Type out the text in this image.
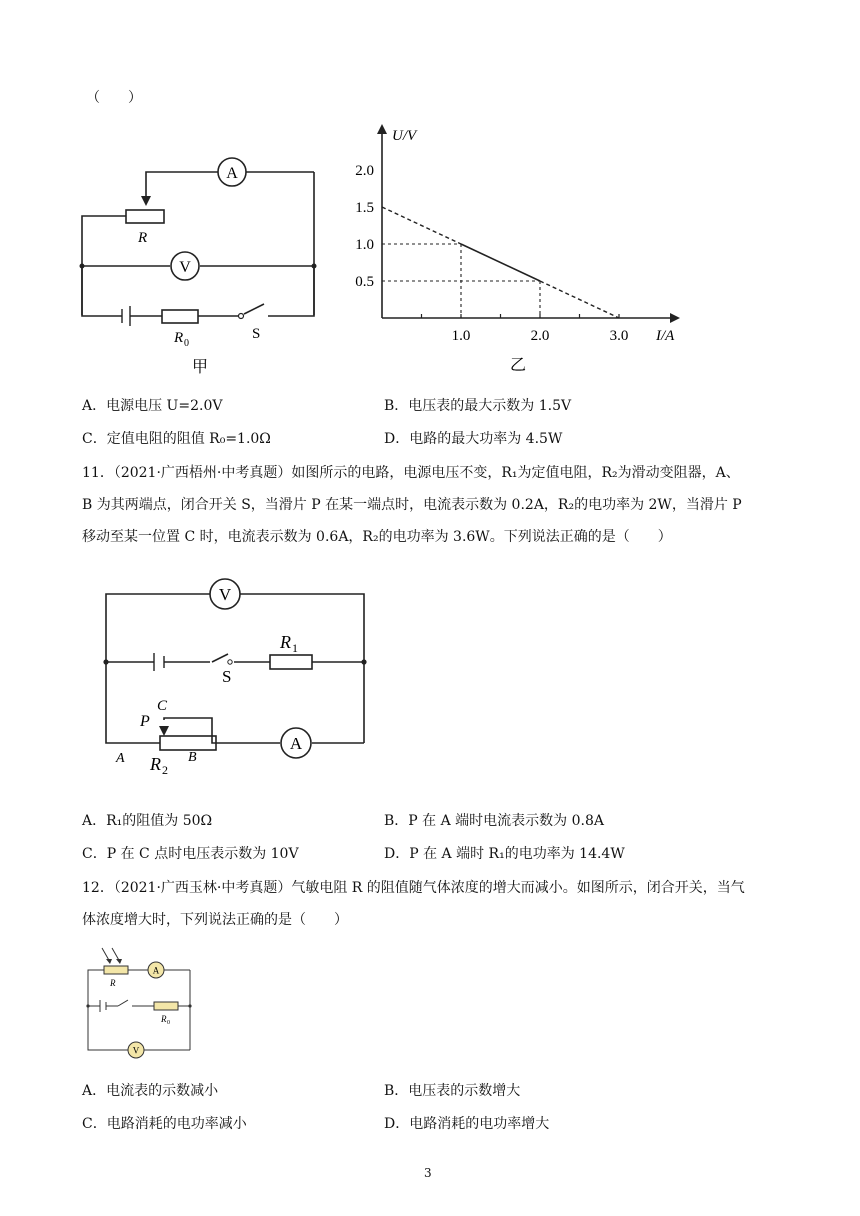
（　　）
A
V
R
R 0
S
甲
U/V
I/A
2.0
1.5
1.0
0.5
1.0	2.0	3.0
乙
A．电源电压 U=2.0V	B．电压表的最大示数为 1.5V
C．定值电阻的阻值 R₀=1.0Ω	D．电路的最大功率为 4.5W
11．（2021·广西梧州·中考真题）如图所示的电路，电源电压不变，R₁为定值电阻，R₂为滑动变阻器，A、
B 为其两端点，闭合开关 S，当滑片 P 在某一端点时，电流表示数为 0.2A，R₂的电功率为 2W，当滑片 P
移动至某一位置 C 时，电流表示数为 0.6A，R₂的电功率为 3.6W。下列说法正确的是（　　）
V
A
R 1
S
C
P
A R 2
B
A．R₁的阻值为 50Ω	B．P 在 A 端时电流表示数为 0.8A
C．P 在 C 点时电压表示数为 10V	D．P 在 A 端时 R₁的电功率为 14.4W
12．（2021·广西玉林·中考真题）气敏电阻 R 的阻值随气体浓度的增大而减小。如图所示，闭合开关，当气
体浓度增大时，下列说法正确的是（　　）
A
V
R
R 0
A．电流表的示数减小	B．电压表的示数增大
C．电路消耗的电功率减小	D．电路消耗的电功率增大
3
